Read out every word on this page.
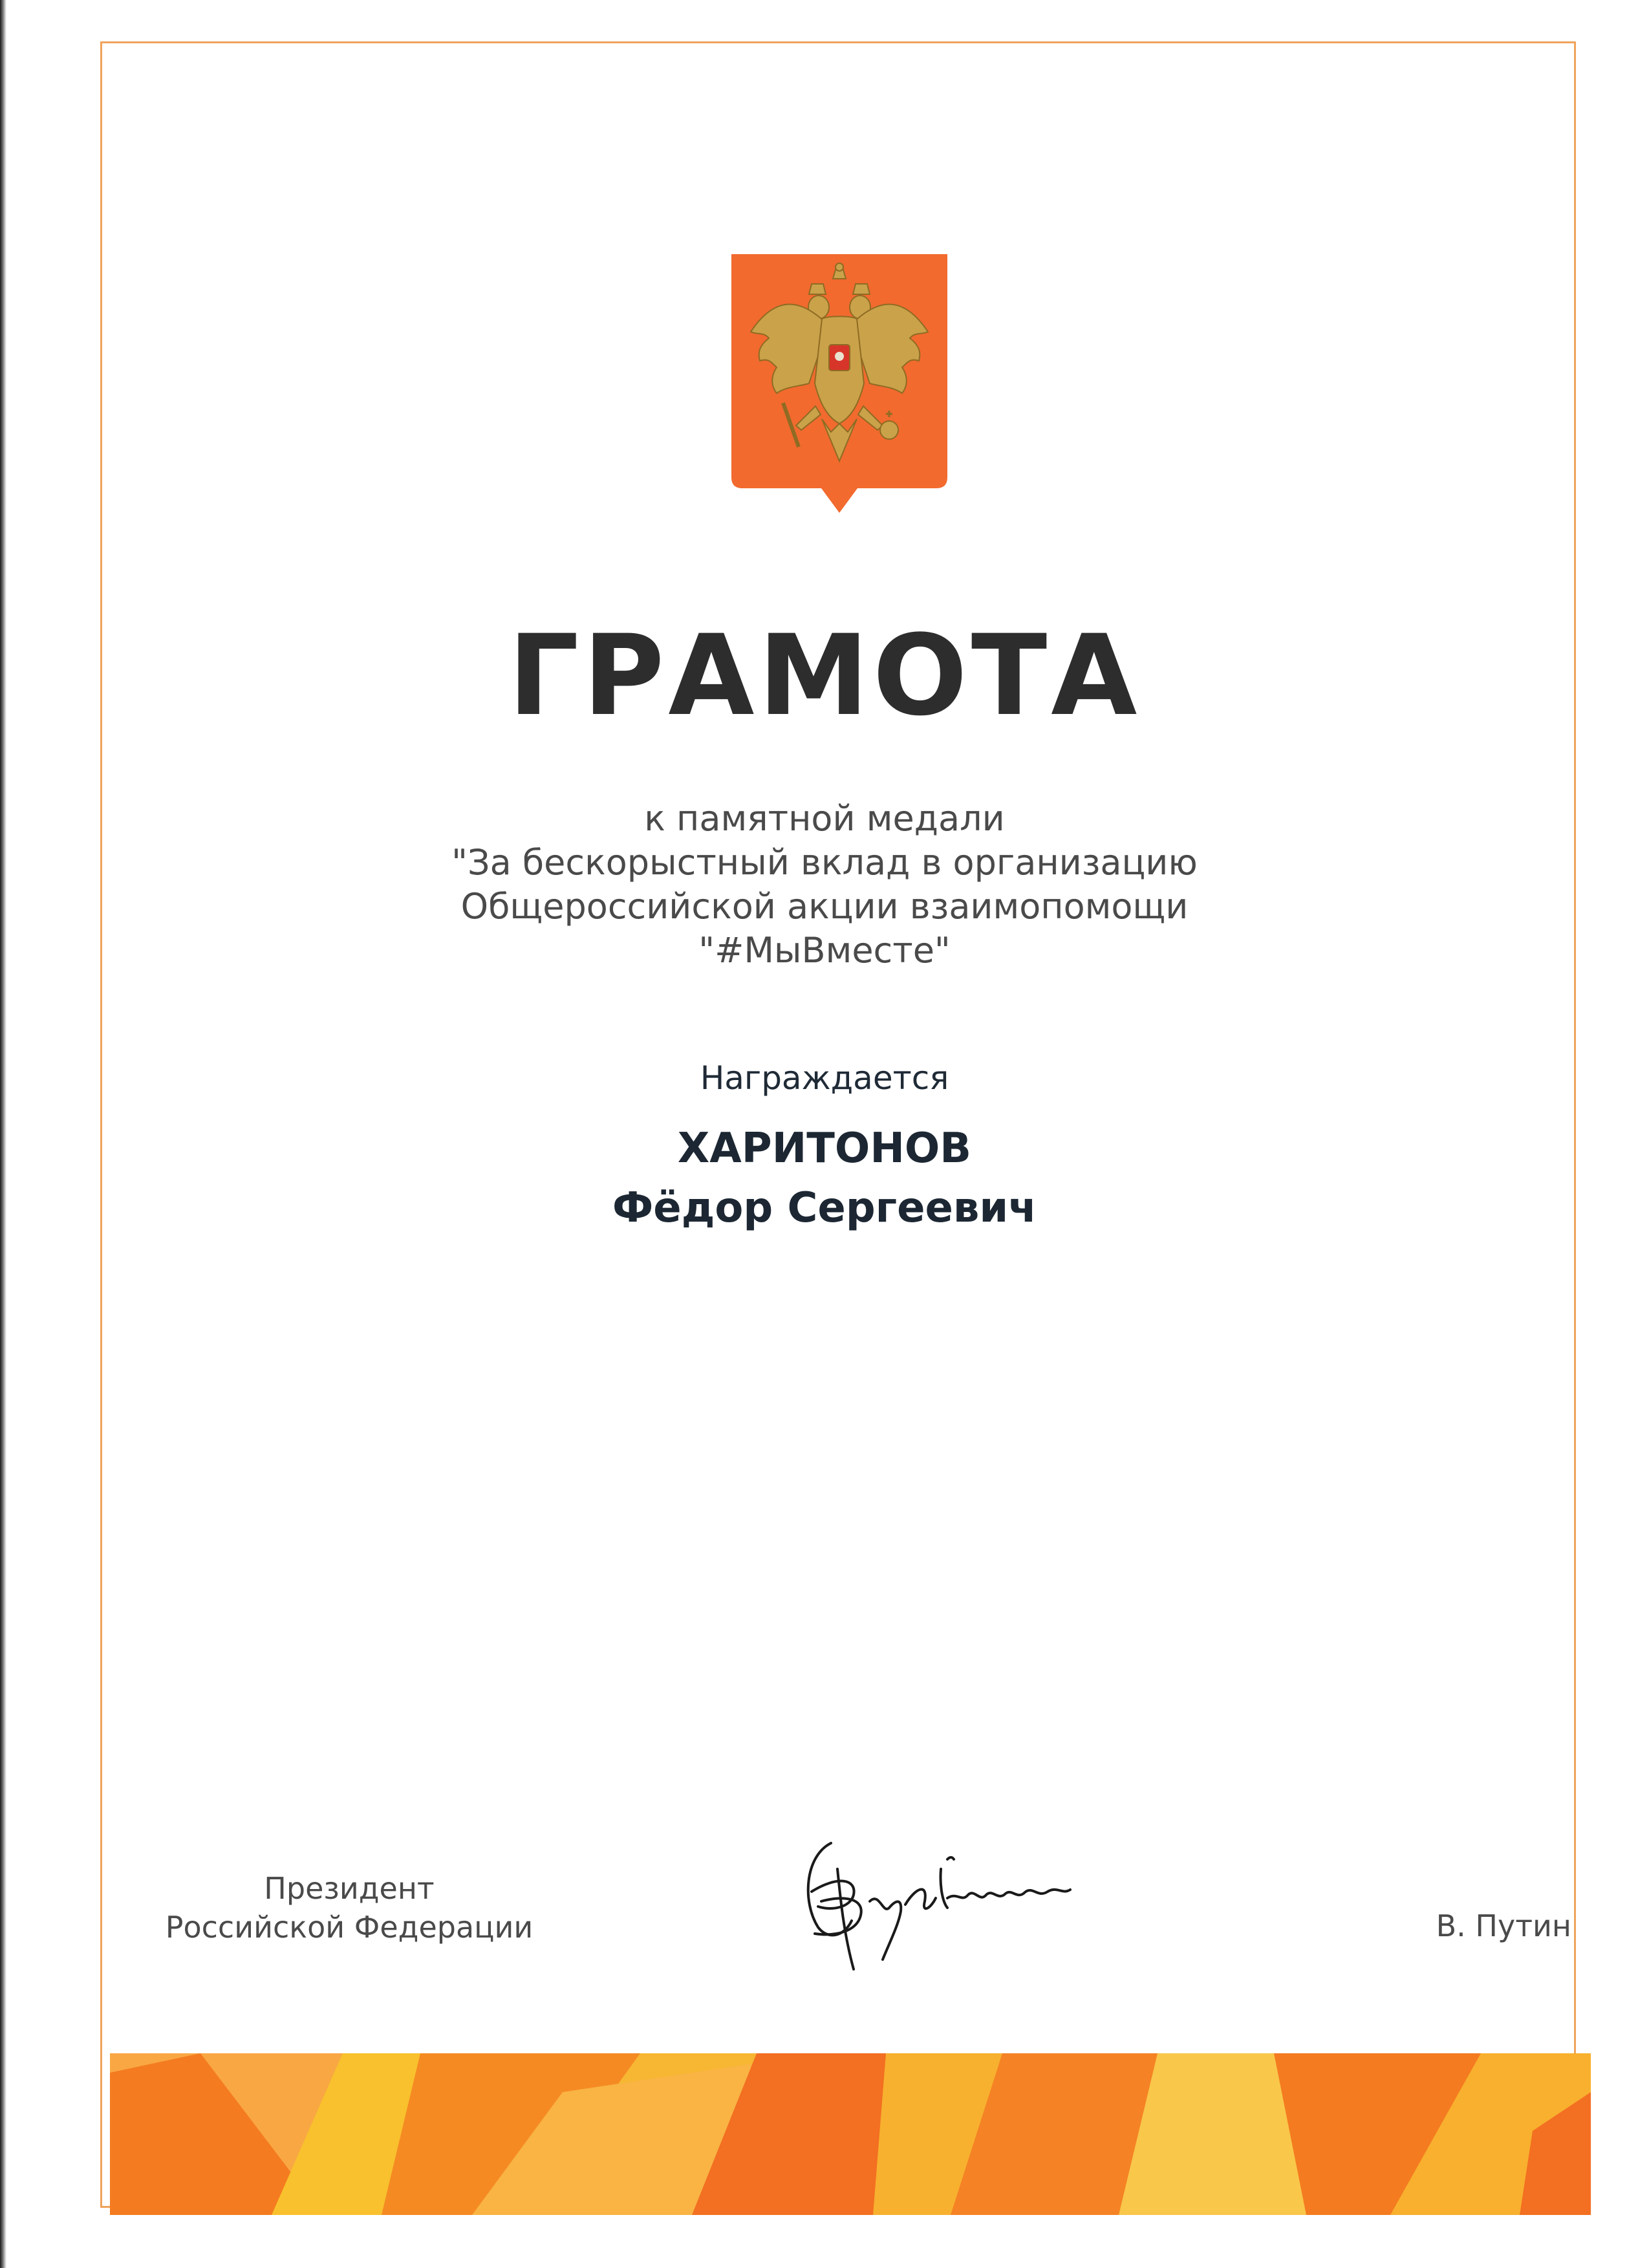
ГРАМОТА
к памятной медали
"За бескорыстный вклад в организацию
Общероссийской акции взаимопомощи
"#МыВместе"
Награждается
ХАРИТОНОВ
Фёдор Сергеевич
Президент
Российской Федерации	В. Путин
